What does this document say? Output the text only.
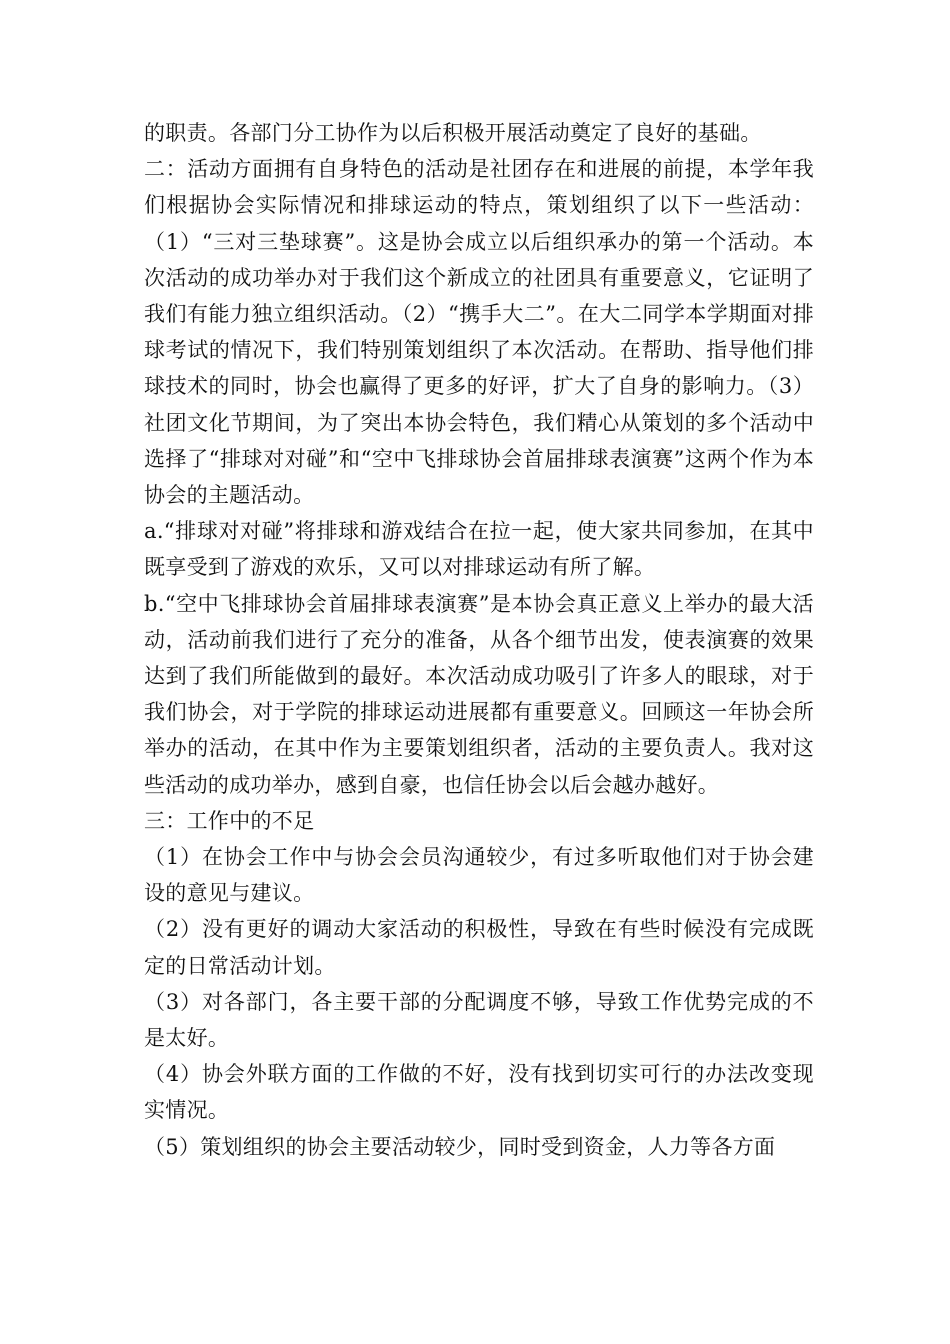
的职责。各部门分工协作为以后积极开展活动奠定了良好的基础。

二：活动方面拥有自身特色的活动是社团存在和进展的前提，本学年我们根据协会实际情况和排球运动的特点，策划组织了以下一些活动：（1）“三对三垫球赛”。这是协会成立以后组织承办的第一个活动。本次活动的成功举办对于我们这个新成立的社团具有重要意义，它证明了我们有能力独立组织活动。（2）“携手大二”。在大二同学本学期面对排球考试的情况下，我们特别策划组织了本次活动。在帮助、指导他们排球技术的同时，协会也赢得了更多的好评，扩大了自身的影响力。（3）社团文化节期间，为了突出本协会特色，我们精心从策划的多个活动中选择了“排球对对碰”和“空中飞排球协会首届排球表演赛”这两个作为本协会的主题活动。

a.“排球对对碰”将排球和游戏结合在拉一起，使大家共同参加，在其中既享受到了游戏的欢乐，又可以对排球运动有所了解。

b.“空中飞排球协会首届排球表演赛”是本协会真正意义上举办的最大活动，活动前我们进行了充分的准备，从各个细节出发，使表演赛的效果达到了我们所能做到的最好。本次活动成功吸引了许多人的眼球，对于我们协会，对于学院的排球运动进展都有重要意义。回顾这一年协会所举办的活动，在其中作为主要策划组织者，活动的主要负责人。我对这些活动的成功举办，感到自豪，也信任协会以后会越办越好。

三：工作中的不足

（1）在协会工作中与协会会员沟通较少，有过多听取他们对于协会建设的意见与建议。

（2）没有更好的调动大家活动的积极性，导致在有些时候没有完成既定的日常活动计划。

（3）对各部门，各主要干部的分配调度不够，导致工作优势完成的不是太好。

（4）协会外联方面的工作做的不好，没有找到切实可行的办法改变现实情况。

（5）策划组织的协会主要活动较少，同时受到资金，人力等各方面
